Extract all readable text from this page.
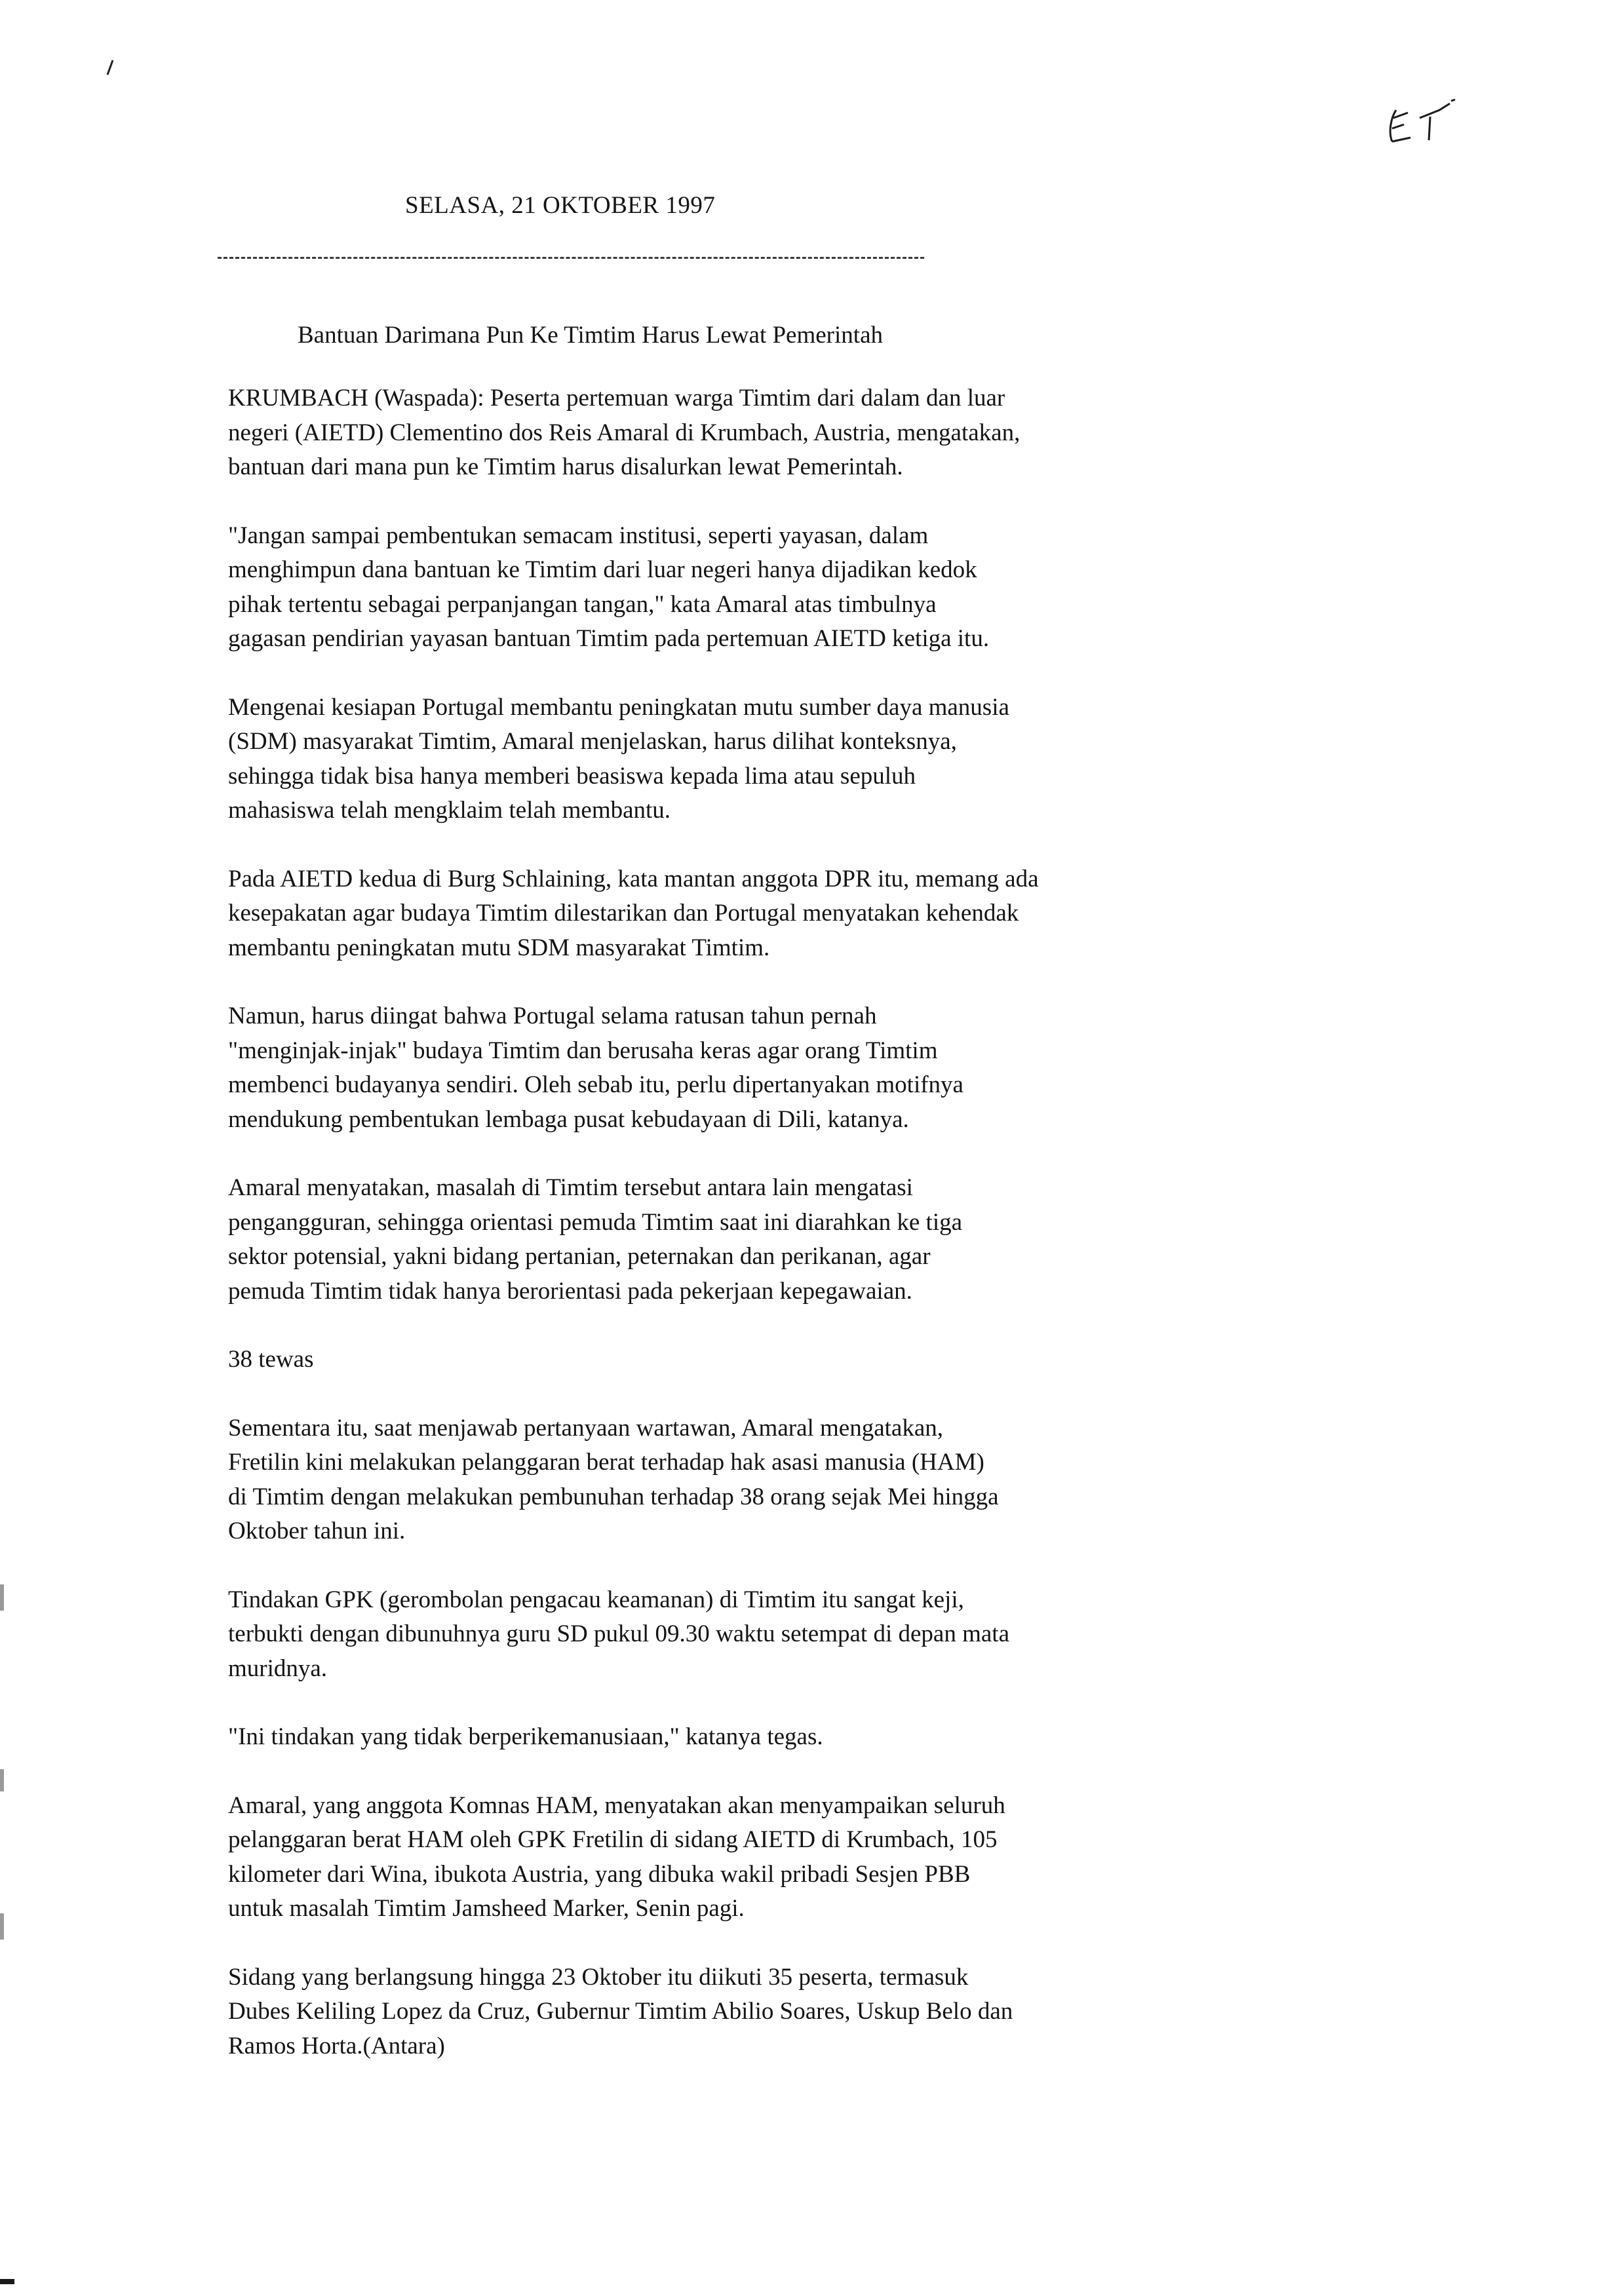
SELASA, 21 OKTOBER 1997
Bantuan Darimana Pun Ke Timtim Harus Lewat Pemerintah
KRUMBACH (Waspada): Peserta pertemuan warga Timtim dari dalam dan luar
negeri (AIETD) Clementino dos Reis Amaral di Krumbach, Austria, mengatakan,
bantuan dari mana pun ke Timtim harus disalurkan lewat Pemerintah.
"Jangan sampai pembentukan semacam institusi, seperti yayasan, dalam
menghimpun dana bantuan ke Timtim dari luar negeri hanya dijadikan kedok
pihak tertentu sebagai perpanjangan tangan," kata Amaral atas timbulnya
gagasan pendirian yayasan bantuan Timtim pada pertemuan AIETD ketiga itu.
Mengenai kesiapan Portugal membantu peningkatan mutu sumber daya manusia
(SDM) masyarakat Timtim, Amaral menjelaskan, harus dilihat konteksnya,
sehingga tidak bisa hanya memberi beasiswa kepada lima atau sepuluh
mahasiswa telah mengklaim telah membantu.
Pada AIETD kedua di Burg Schlaining, kata mantan anggota DPR itu, memang ada
kesepakatan agar budaya Timtim dilestarikan dan Portugal menyatakan kehendak
membantu peningkatan mutu SDM masyarakat Timtim.
Namun, harus diingat bahwa Portugal selama ratusan tahun pernah
"menginjak-injak" budaya Timtim dan berusaha keras agar orang Timtim
membenci budayanya sendiri. Oleh sebab itu, perlu dipertanyakan motifnya
mendukung pembentukan lembaga pusat kebudayaan di Dili, katanya.
Amaral menyatakan, masalah di Timtim tersebut antara lain mengatasi
pengangguran, sehingga orientasi pemuda Timtim saat ini diarahkan ke tiga
sektor potensial, yakni bidang pertanian, peternakan dan perikanan, agar
pemuda Timtim tidak hanya berorientasi pada pekerjaan kepegawaian.
38 tewas
Sementara itu, saat menjawab pertanyaan wartawan, Amaral mengatakan,
Fretilin kini melakukan pelanggaran berat terhadap hak asasi manusia (HAM)
di Timtim dengan melakukan pembunuhan terhadap 38 orang sejak Mei hingga
Oktober tahun ini.
Tindakan GPK (gerombolan pengacau keamanan) di Timtim itu sangat keji,
terbukti dengan dibunuhnya guru SD pukul 09.30 waktu setempat di depan mata
muridnya.
"Ini tindakan yang tidak berperikemanusiaan," katanya tegas.
Amaral, yang anggota Komnas HAM, menyatakan akan menyampaikan seluruh
pelanggaran berat HAM oleh GPK Fretilin di sidang AIETD di Krumbach, 105
kilometer dari Wina, ibukota Austria, yang dibuka wakil pribadi Sesjen PBB
untuk masalah Timtim Jamsheed Marker, Senin pagi.
Sidang yang berlangsung hingga 23 Oktober itu diikuti 35 peserta, termasuk
Dubes Keliling Lopez da Cruz, Gubernur Timtim Abilio Soares, Uskup Belo dan
Ramos Horta.(Antara)
